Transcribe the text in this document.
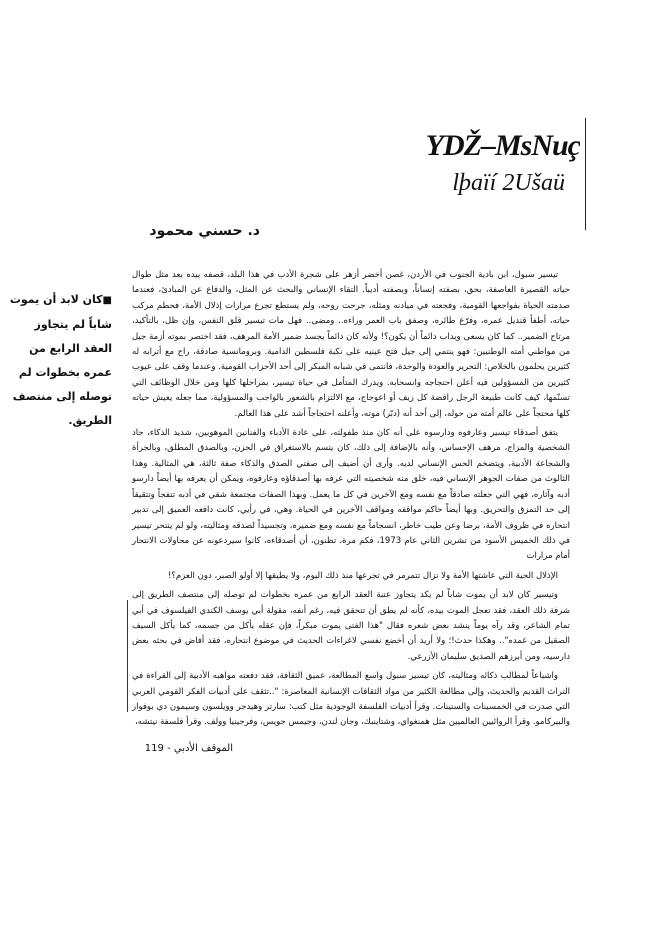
YDŽ–MsNuç
lþaïí 2Ušaü
د. حسني محمود
■كان لابد أن يموت شاباً لم يتجاوز العقد الرابع من عمره بخطوات لم توصله إلى منتصف الطريق.

تيسير سبول، ابن بادية الجنوب في الأردن، غصن أخضر أزهر على شجرة الأدب في هذا البلد، قصفه بيده بعد مثل طوال حياته القصيرة العاصفة، بحق، بصفته إنساناً، وبصفته أديباً. التقاء الإنساني والبحث عن المثل، والدفاع عن المبادئ، فعندما صدمته الحياة بفواجعها القومية، وفجعته في ميادنه ومثله، جرحت روحه، ولم يستطع تجرع مرارات إذلال الأمة، فحطم مركب حياته، أطفأ قنديل عمره، وفرّغ طائره، وصفق باب العمر وراءه.. ومضى.. فهل مات تيسير قلق النفس، وإن ظل، بالتأكيد، مرتاح الضمير.. كما كان يسعى ويداب دائماً أن يكون؟! ولأنه كان دائماً يجسد ضمير الأمة المرهف، فقد اختصر بموته أزمة جيل من مواطني أمته الوطنيين: فهو ينتمي إلى جيل فتح عينيه على نكبة فلسطين الدامية. وبرومانسية صادقة، راح مع أترابه له كثيرين يحلمون بالخلاص: التحرير والعودة والوحدة، فانتمى في شبابه المبكر إلى أحد الأحزاب القومية. وعندما وقف على عيوب كثيرين من المسؤولين فيه أعلن احتجاجه وانسحابه. ويدرك المتأمل في حياة تيسير، بمراحلها كلها ومن خلال الوظائف التي تسنّمها، كيف كانت طبيعة الرجل رافضة كل زيف أو اعوجاج، مع الالتزام بالشعور بالواجب والمسؤولية، مما جعله يعيش حياته كلها محتجاً على عالم أمته من حوله، إلى أحد أنه (دبّر) موته، وأعلنه احتجاجاً أشد على هذا العالم.

يتفق أصدقاء تيسير وعارفوه ودارسوه على أنه كان منذ طفولته، على عادة الأدباء والفنانين الموهوبين، شديد الذكاء، حاد الشخصية والمزاج، مرهف الإحساس، وأنه بالإضافة إلى ذلك، كان يتسم بالاستغراق في الحزن، وبالصدق المطلق، وبالجرأة والشجاعة الأدبية، ويتضخم الحس الإنساني لديه. وأرى أن أضيف إلى صفتي الصدق والذكاء صفة ثالثة، هي المثالية. وهذا الثالوث من صفات الجوهر الإنساني فيه، خلق منه شخصيته التي عرفه بها أصدقاؤه وعارفوه، ويمكن أن يعرفه بها أيضاً دارسو أدبه وآثاره، فهي التي جعلته صادقاً مع نفسه ومع الآخرين في كل ما يعمل. وبهذا الصفات مجتمعة شقي في أدبه تتفجاً وتتقيقاً إلى حد التمزق والتحريق. وبها أيضاً حاكم مواقفه ومواقف الآخرين في الحياة. وهي، في رأيي، كانت دافعه العميق إلى تدبير انتحاره في ظروف الأمة، برضا وعن طيب خاطر، انسجاماً مع نفسه ومع ضميره، وتجسيداً لصدقه ومثاليته، ولو لم ينتحر تيسير في ذلك الخميس الأسود من تشرين الثاني عام 1973، فكم مرة، تظنون، أن أصدقاءه، كانوا سيردعونه عن محاولات الانتحار أمام مرارات

الإذلال الحية التي عاشتها الأمة ولا تزال تتمرمر في تجرعها منذ ذلك اليوم، ولا يطيقها إلا أولو الصبر، دون العزم؟!

وتيسير كان لابد أن يموت شاباً لم يكد يتجاوز عتبة العقد الرابع من عمره بخطوات لم توصله إلى منتصف الطريق إلى شرفة ذلك العقد، فقد تعجل الموت بيده، كأنه لم يطق أن تتحقق فيه، رغم أنفه، مقولة أبي يوسف الكندي الفيلسوف في أبي تمام الشاعر، وقد رآه يوماً ينشد بعض شعره فقال "هذا الفتى يموت مبكراً، فإن عقله يأكل من جسمه، كما يأكل السيف الصقيل من غمده".. وهكذا حدث!؛ ولا أريد أن أخضع نفسي لاغراءات الحديث في موضوع انتحاره، فقد أفاض في بحثه بعض دارسيه، ومن أبرزهم الصديق سليمان الأزرعي.

واشباعاً لمطالب ذكائه ومثاليته، كان تيسير سبول واسع المطالعة، عميق الثقافة، فقد دفعته مواهبه الأدبية إلى القراءة في التراث القديم والحديث، وإلى مطالعة الكثير من مواد الثقافات الإنسانية المعاصرة: "..تثقف على أدبيات الفكر القومي العربي التي صدرت في الخمسينات والستينات. وقرأ أدبيات الفلسفة الوجودية مثل كتب: سارتر وهيدجر وويلسون وسيمون دي بوفوار والبيركامو. وقرأ الروائيين العالميين مثل همنغواي، وشتاينبك، وجان لندن، وجيمس جويس، وفرجينيا وولف. وقرأ فلسفة نيتشه،

الموقف الأدبي - 119
